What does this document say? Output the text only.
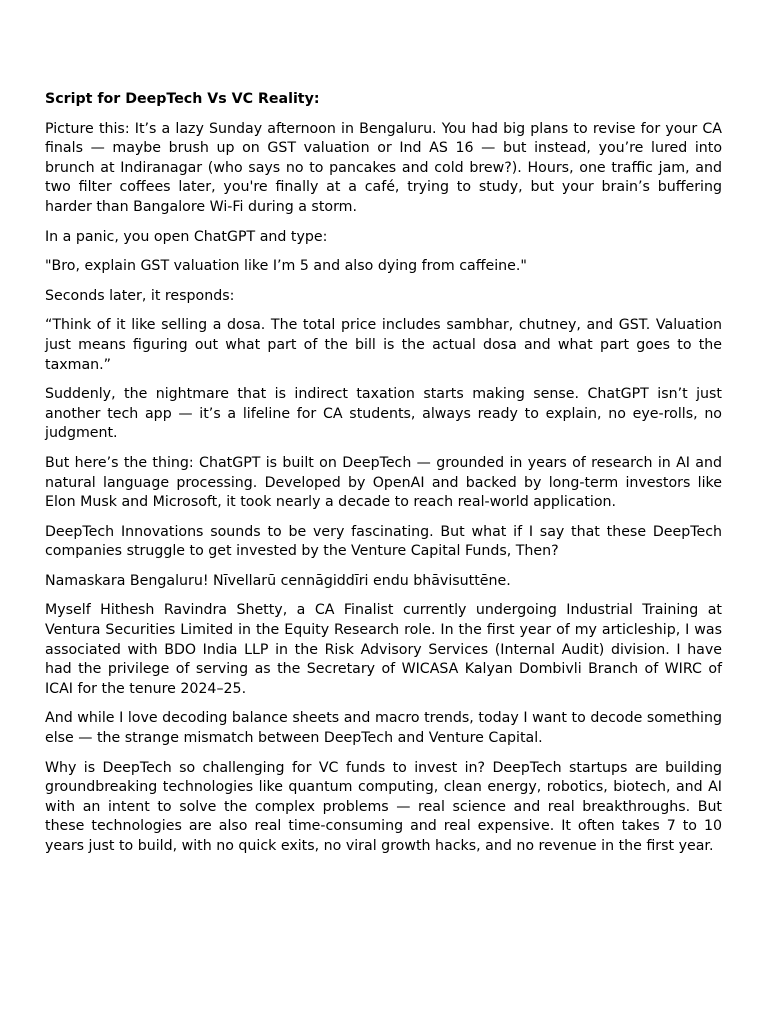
Script for DeepTech Vs VC Reality:

Picture this: It’s a lazy Sunday afternoon in Bengaluru. You had big plans to revise for your CA finals — maybe brush up on GST valuation or Ind AS 16 — but instead, you’re lured into brunch at Indiranagar (who says no to pancakes and cold brew?). Hours, one traffic jam, and two filter coffees later, you're finally at a café, trying to study, but your brain’s buffering harder than Bangalore Wi-Fi during a storm.

In a panic, you open ChatGPT and type:

"Bro, explain GST valuation like I’m 5 and also dying from caffeine."

Seconds later, it responds:

“Think of it like selling a dosa. The total price includes sambhar, chutney, and GST. Valuation just means figuring out what part of the bill is the actual dosa and what part goes to the taxman.”

Suddenly, the nightmare that is indirect taxation starts making sense. ChatGPT isn’t just another tech app — it’s a lifeline for CA students, always ready to explain, no eye-rolls, no judgment.

But here’s the thing: ChatGPT is built on DeepTech — grounded in years of research in AI and natural language processing. Developed by OpenAI and backed by long-term investors like Elon Musk and Microsoft, it took nearly a decade to reach real-world application.

DeepTech Innovations sounds to be very fascinating. But what if I say that these DeepTech companies struggle to get invested by the Venture Capital Funds, Then?

Namaskara Bengaluru! Nīvellarū cennāgiddīri endu bhāvisuttēne.

Myself Hithesh Ravindra Shetty, a CA Finalist currently undergoing Industrial Training at Ventura Securities Limited in the Equity Research role. In the first year of my articleship, I was associated with BDO India LLP in the Risk Advisory Services (Internal Audit) division. I have had the privilege of serving as the Secretary of WICASA Kalyan Dombivli Branch of WIRC of ICAI for the tenure 2024–25.

And while I love decoding balance sheets and macro trends, today I want to decode something else — the strange mismatch between DeepTech and Venture Capital.

Why is DeepTech so challenging for VC funds to invest in? DeepTech startups are building groundbreaking technologies like quantum computing, clean energy, robotics, biotech, and AI with an intent to solve the complex problems — real science and real breakthroughs. But these technologies are also real time-consuming and real expensive. It often takes 7 to 10 years just to build, with no quick exits, no viral growth hacks, and no revenue in the first year.
